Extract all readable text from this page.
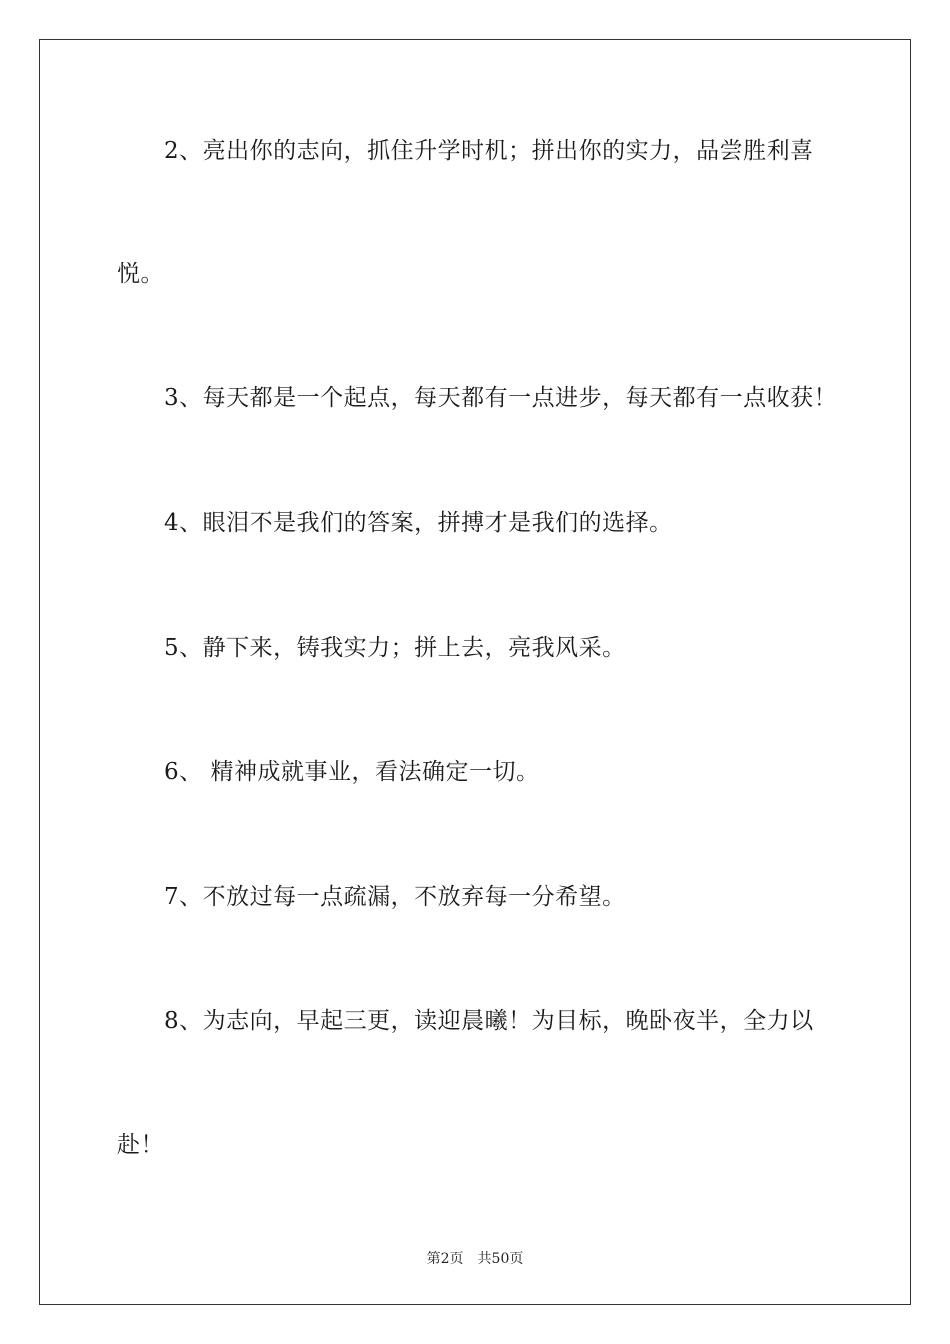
　　2、亮出你的志向，抓住升学时机；拼出你的实力，品尝胜利喜
悦。
　　3、每天都是一个起点，每天都有一点进步，每天都有一点收获！
　　4、眼泪不是我们的答案，拼搏才是我们的选择。
　　5、静下来，铸我实力；拼上去，亮我风采。
　　6、 精神成就事业，看法确定一切。
　　7、不放过每一点疏漏，不放弃每一分希望。
　　8、为志向，早起三更，读迎晨曦！为目标，晚卧夜半，全力以
赴！
第2页 共50页
